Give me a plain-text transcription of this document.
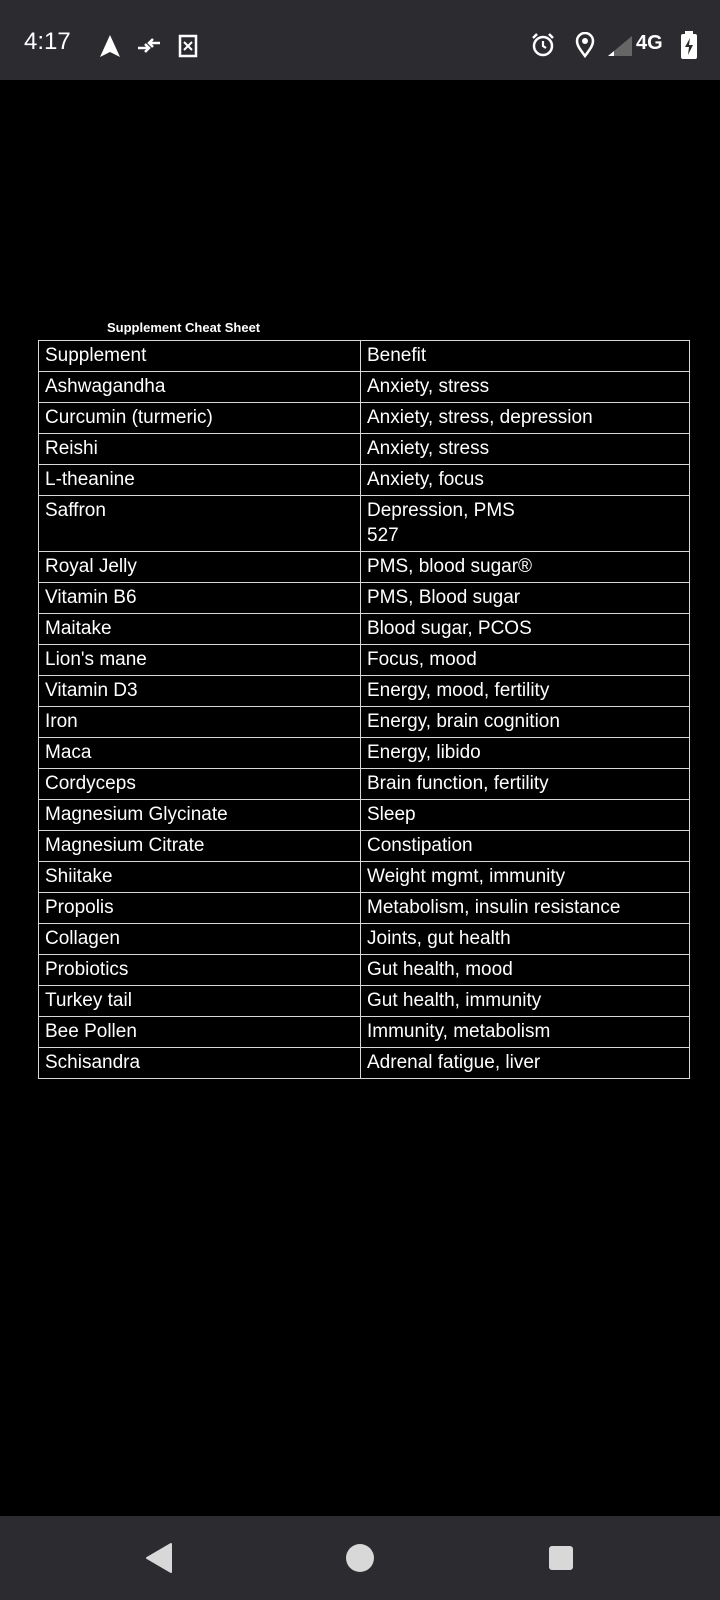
4:17	4G
Supplement Cheat Sheet
Supplement	Benefit
Ashwagandha	Anxiety, stress
Curcumin (turmeric)	Anxiety, stress, depression
Reishi	Anxiety, stress
L-theanine	Anxiety, focus
Saffron	Depression, PMS
527

Royal Jelly	PMS, blood sugar®
Vitamin B6	PMS, Blood sugar
Maitake	Blood sugar, PCOS
Lion's mane	Focus, mood
Vitamin D3	Energy, mood, fertility
Iron	Energy, brain cognition
Maca	Energy, libido
Cordyceps	Brain function, fertility
Magnesium Glycinate	Sleep
Magnesium Citrate	Constipation
Shiitake	Weight mgmt, immunity
Propolis	Metabolism, insulin resistance
Collagen	Joints, gut health
Probiotics	Gut health, mood
Turkey tail	Gut health, immunity
Bee Pollen	Immunity, metabolism
Schisandra	Adrenal fatigue, liver
